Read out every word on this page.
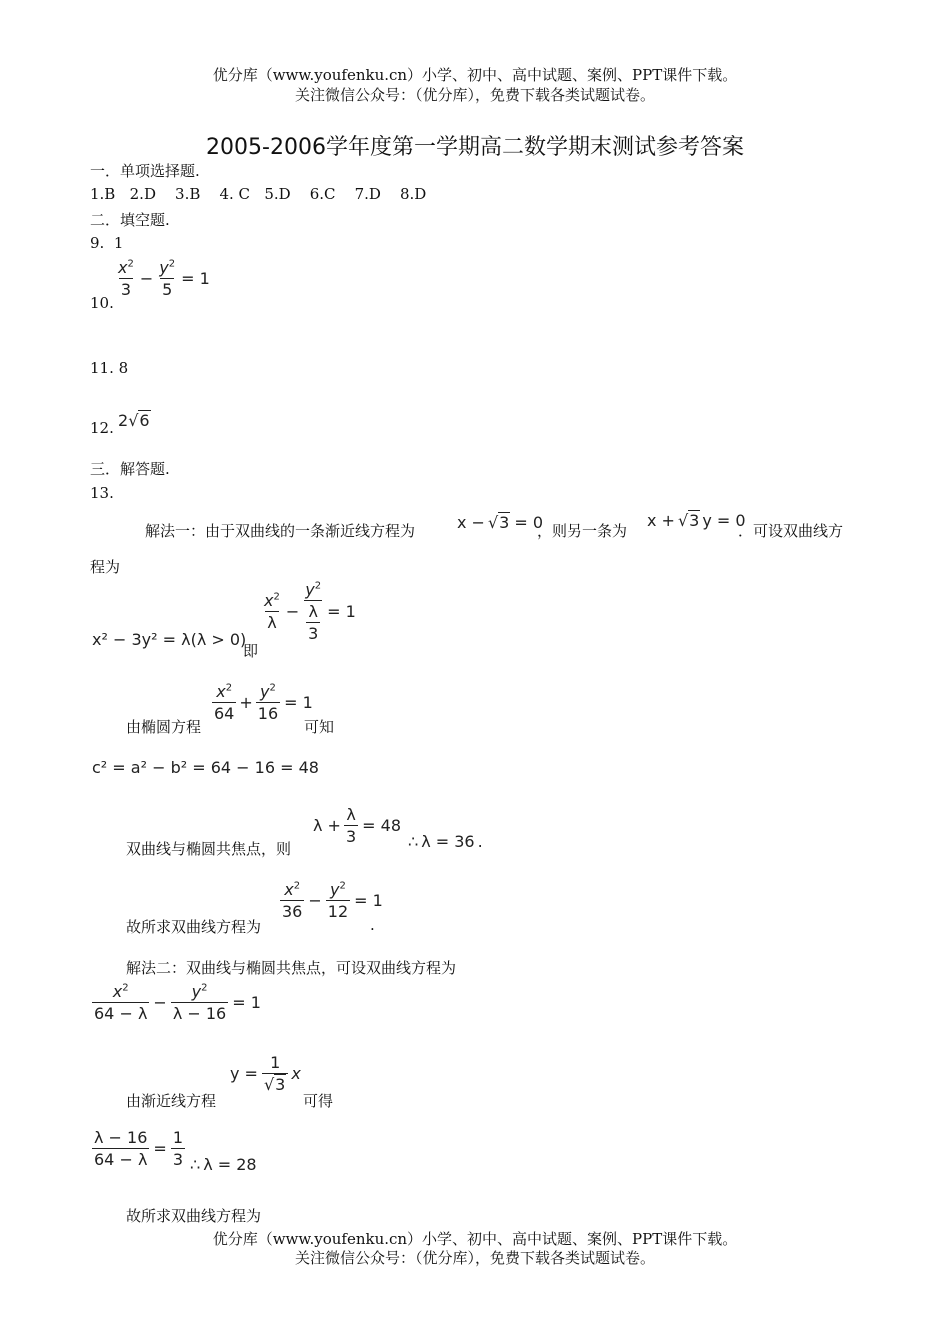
优分库（www.youfenku.cn）小学、初中、高中试题、案例、PPT课件下载。
关注微信公众号：（优分库），免费下载各类试题试卷。
2005-2006学年度第一学期高二数学期末测试参考答案
一．单项选择题.
1.B   2.D    3.B    4. C   5.D    6.C    7.D    8.D
二．填空题.
9.  1
10.
$\frac{x^2}{3} - \frac{y^2}{5} = 1$
11. 8
12. 2 √ 6
三．解答题.
13.
解法一：由于双曲线的一条渐近线方程为	x − √ 3 = 0
，则另一条为
x + √ 3 y = 0
．可设双曲线方
程为
x² − 3y² = λ(λ > 0)
即
$\frac{x^2}{\lambda} - \frac{y^2}{\frac{\lambda}{3}} = 1$
由椭圆方程
$\frac{x^2}{64} + \frac{y^2}{16} = 1$
可知
c² = a² − b² = 64 − 16 = 48
双曲线与椭圆共焦点，则
$\lambda + \frac{\lambda}{3} = 48$
∴ λ = 36 .
故所求双曲线方程为
$\frac{x^2}{36} - \frac{y^2}{12} = 1$
.
解法二：双曲线与椭圆共焦点，可设双曲线方程为
$\frac{x^2}{64 - \lambda} - \frac{y^2}{\lambda - 16} = 1$
由渐近线方程
$y = \frac{1}{√3}$ x
可得
$\frac{\lambda - 16}{64 - \lambda} = \frac{1}{3}$ ∴ λ = 28
故所求双曲线方程为
优分库（www.youfenku.cn）小学、初中、高中试题、案例、PPT课件下载。
关注微信公众号：（优分库），免费下载各类试题试卷。
